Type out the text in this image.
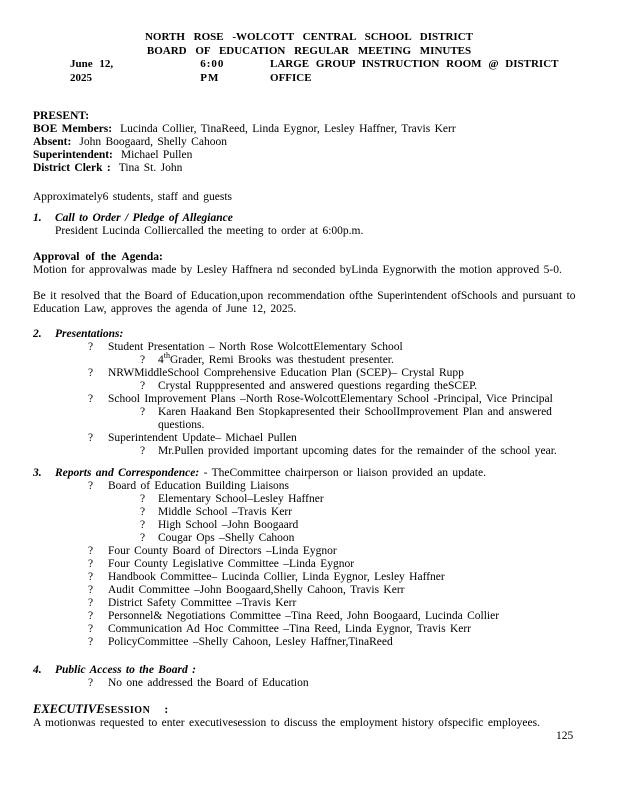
NORTH ROSE -WOLCOTT CENTRAL SCHOOL DISTRICT
BOARD OF EDUCATION REGULAR MEETING MINUTES
June 12, 2025
6:00 PM
LARGE GROUP INSTRUCTION ROOM @ DISTRICT OFFICE
PRESENT:
BOE Members: Lucinda Collier, TinaReed, Linda Eygnor, Lesley Haffner, Travis Kerr
Absent: John Boogaard, Shelly Cahoon
Superintendent: Michael Pullen
District Clerk : Tina St. John
Approximately6 students, staff and guests
1.	Call to Order / Pledge of Allegiance
President Lucinda Colliercalled the meeting to order at 6:00p.m.
Approval of the Agenda:
Motion for approvalwas made by Lesley Haffnera nd seconded byLinda Eygnorwith the motion approved 5-0.
Be it resolved that the Board of Education,upon recommendation ofthe Superintendent ofSchools and pursuant to Education Law, approves the agenda of June 12, 2025.
2.	Presentations:
?	Student Presentation – North Rose WolcottElementary School
?	4thGrader, Remi Brooks was thestudent presenter.
?	NRWMiddleSchool Comprehensive Education Plan (SCEP)– Crystal Rupp
?	Crystal Rupppresented and answered questions regarding theSCEP.
?	School Improvement Plans –North Rose-WolcottElementary School -Principal, Vice Principal
?	Karen Haakand Ben Stopkapresented their SchoolImprovement Plan and answered questions.
?	Superintendent Update– Michael Pullen
?	Mr.Pullen provided important upcoming dates for the remainder of the school year.
3.	Reports and Correspondence: - TheCommittee chairperson or liaison provided an update.
?	Board of Education Building Liaisons
?	Elementary School–Lesley Haffner
?	Middle School –Travis Kerr
?	High School –John Boogaard
?	Cougar Ops –Shelly Cahoon
?	Four County Board of Directors –Linda Eygnor
?	Four County Legislative Committee –Linda Eygnor
?	Handbook Committee– Lucinda Collier, Linda Eygnor, Lesley Haffner
?	Audit Committee –John Boogaard,Shelly Cahoon, Travis Kerr
?	District Safety Committee –Travis Kerr
?	Personnel& Negotiations Committee –Tina Reed, John Boogaard, Lucinda Collier
?	Communication Ad Hoc Committee –Tina Reed, Linda Eygnor, Travis Kerr
?	PolicyCommittee –Shelly Cahoon, Lesley Haffner,TinaReed
4.	Public Access to the Board :
?	No one addressed the Board of Education
EXECUTIVESESSION :
A motionwas requested to enter executivesession to discuss the employment history ofspecific employees.
125
